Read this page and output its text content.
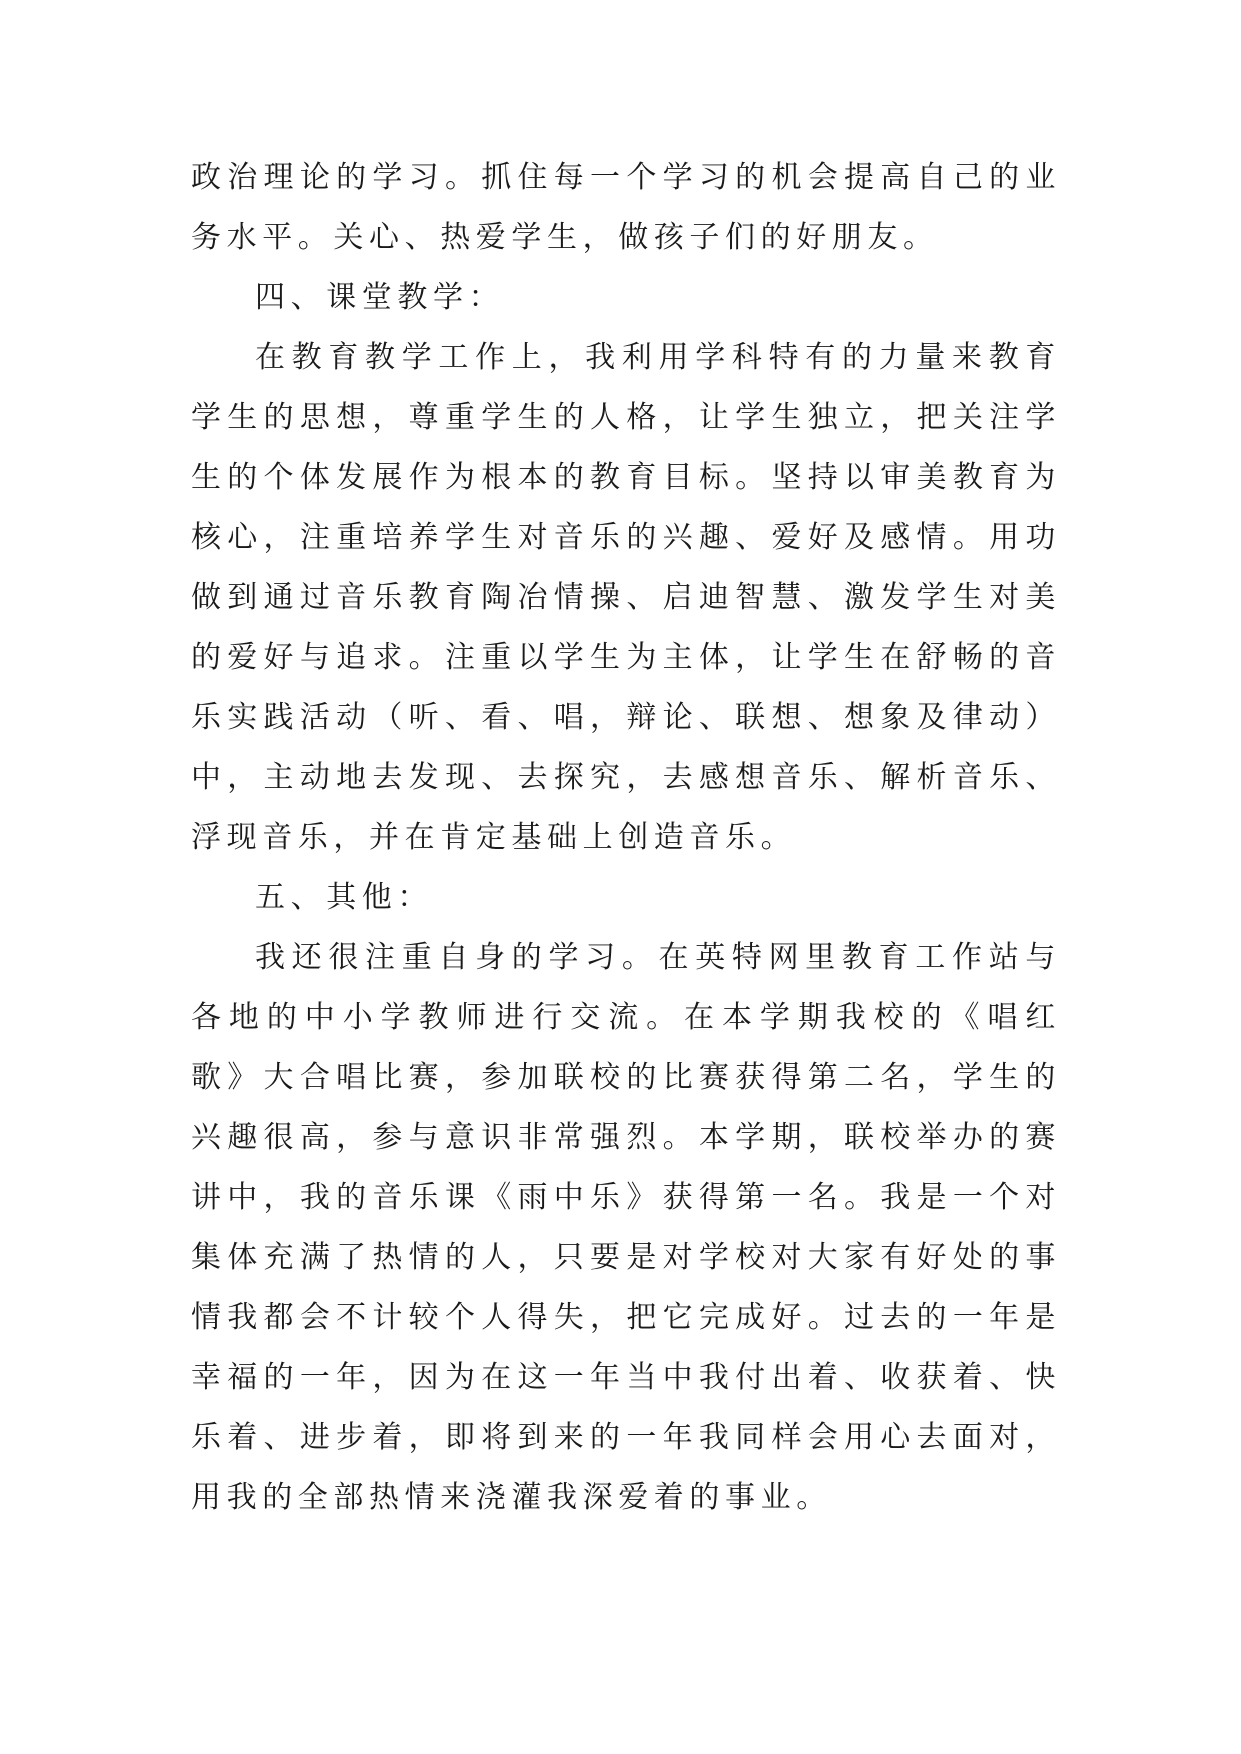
政治理论的学习。抓住每一个学习的机会提高自己的业务水平。关心、热爱学生，做孩子们的好朋友。

四、课堂教学：

在教育教学工作上，我利用学科特有的力量来教育学生的思想，尊重学生的人格，让学生独立，把关注学生的个体发展作为根本的教育目标。坚持以审美教育为核心，注重培养学生对音乐的兴趣、爱好及感情。用功做到通过音乐教育陶冶情操、启迪智慧、激发学生对美的爱好与追求。注重以学生为主体，让学生在舒畅的音乐实践活动（听、看、唱，辩论、联想、想象及律动）中，主动地去发现、去探究，去感想音乐、解析音乐、浮现音乐，并在肯定基础上创造音乐。

五、其他：

我还很注重自身的学习。在英特网里教育工作站与各地的中小学教师进行交流。在本学期我校的《唱红歌》大合唱比赛，参加联校的比赛获得第二名，学生的兴趣很高，参与意识非常强烈。本学期，联校举办的赛讲中，我的音乐课《雨中乐》获得第一名。我是一个对集体充满了热情的人，只要是对学校对大家有好处的事情我都会不计较个人得失，把它完成好。过去的一年是幸福的一年，因为在这一年当中我付出着、收获着、快乐着、进步着，即将到来的一年我同样会用心去面对，用我的全部热情来浇灌我深爱着的事业。
